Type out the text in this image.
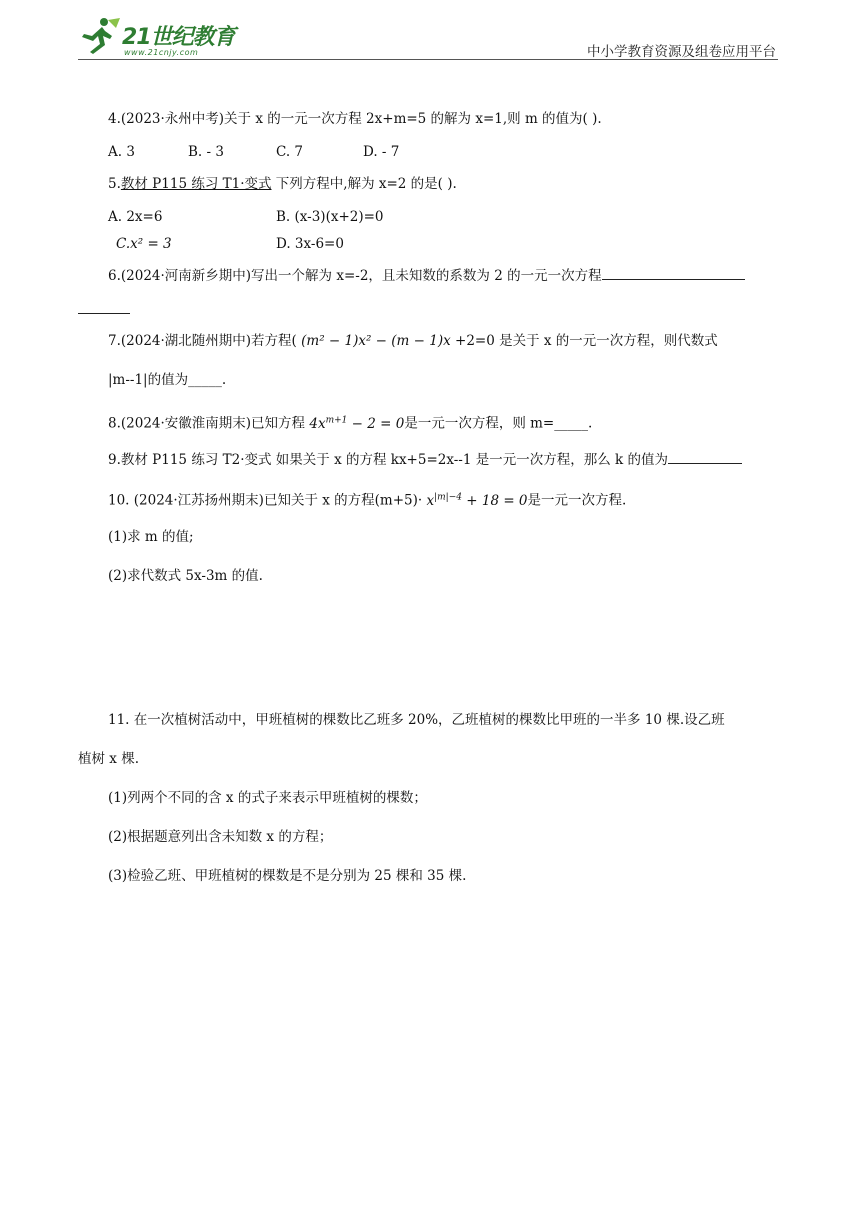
21世纪教育
www.21cnjy.com	中小学教育资源及组卷应用平台
4.(2023·永州中考)关于 x 的一元一次方程 2x+m=5 的解为 x=1,则 m 的值为( ).
A. 3	B. - 3	C. 7	D. - 7
5.教材 P115 练习 T1·变式 下列方程中,解为 x=2 的是( ).
A. 2x=6	B. (x-3)(x+2)=0
C.x² = 3	D. 3x-6=0
6.(2024·河南新乡期中)写出一个解为 x=-2，且未知数的系数为 2 的一元一次方程
7.(2024·湖北随州期中)若方程( (m² − 1)x² − (m − 1)x +2=0 是关于 x 的一元一次方程，则代数式
|m--1|的值为_____.
8.(2024·安徽淮南期末)已知方程 $4x^{m+1} - 2 = 0$是一元一次方程，则 m=_____.
9.教材 P115 练习 T2·变式 如果关于 x 的方程 kx+5=2x--1 是一元一次方程，那么 k 的值为
10. (2024·江苏扬州期末)已知关于 x 的方程$(m+5)\cdot x^{|m|-4} + 18 = 0$是一元一次方程.
(1)求 m 的值;
(2)求代数式 5x-3m 的值.
11. 在一次植树活动中，甲班植树的棵数比乙班多 20%，乙班植树的棵数比甲班的一半多 10 棵.设乙班
植树 x 棵.
(1)列两个不同的含 x 的式子来表示甲班植树的棵数；
(2)根据题意列出含未知数 x 的方程；
(3)检验乙班、甲班植树的棵数是不是分别为 25 棵和 35 棵.
